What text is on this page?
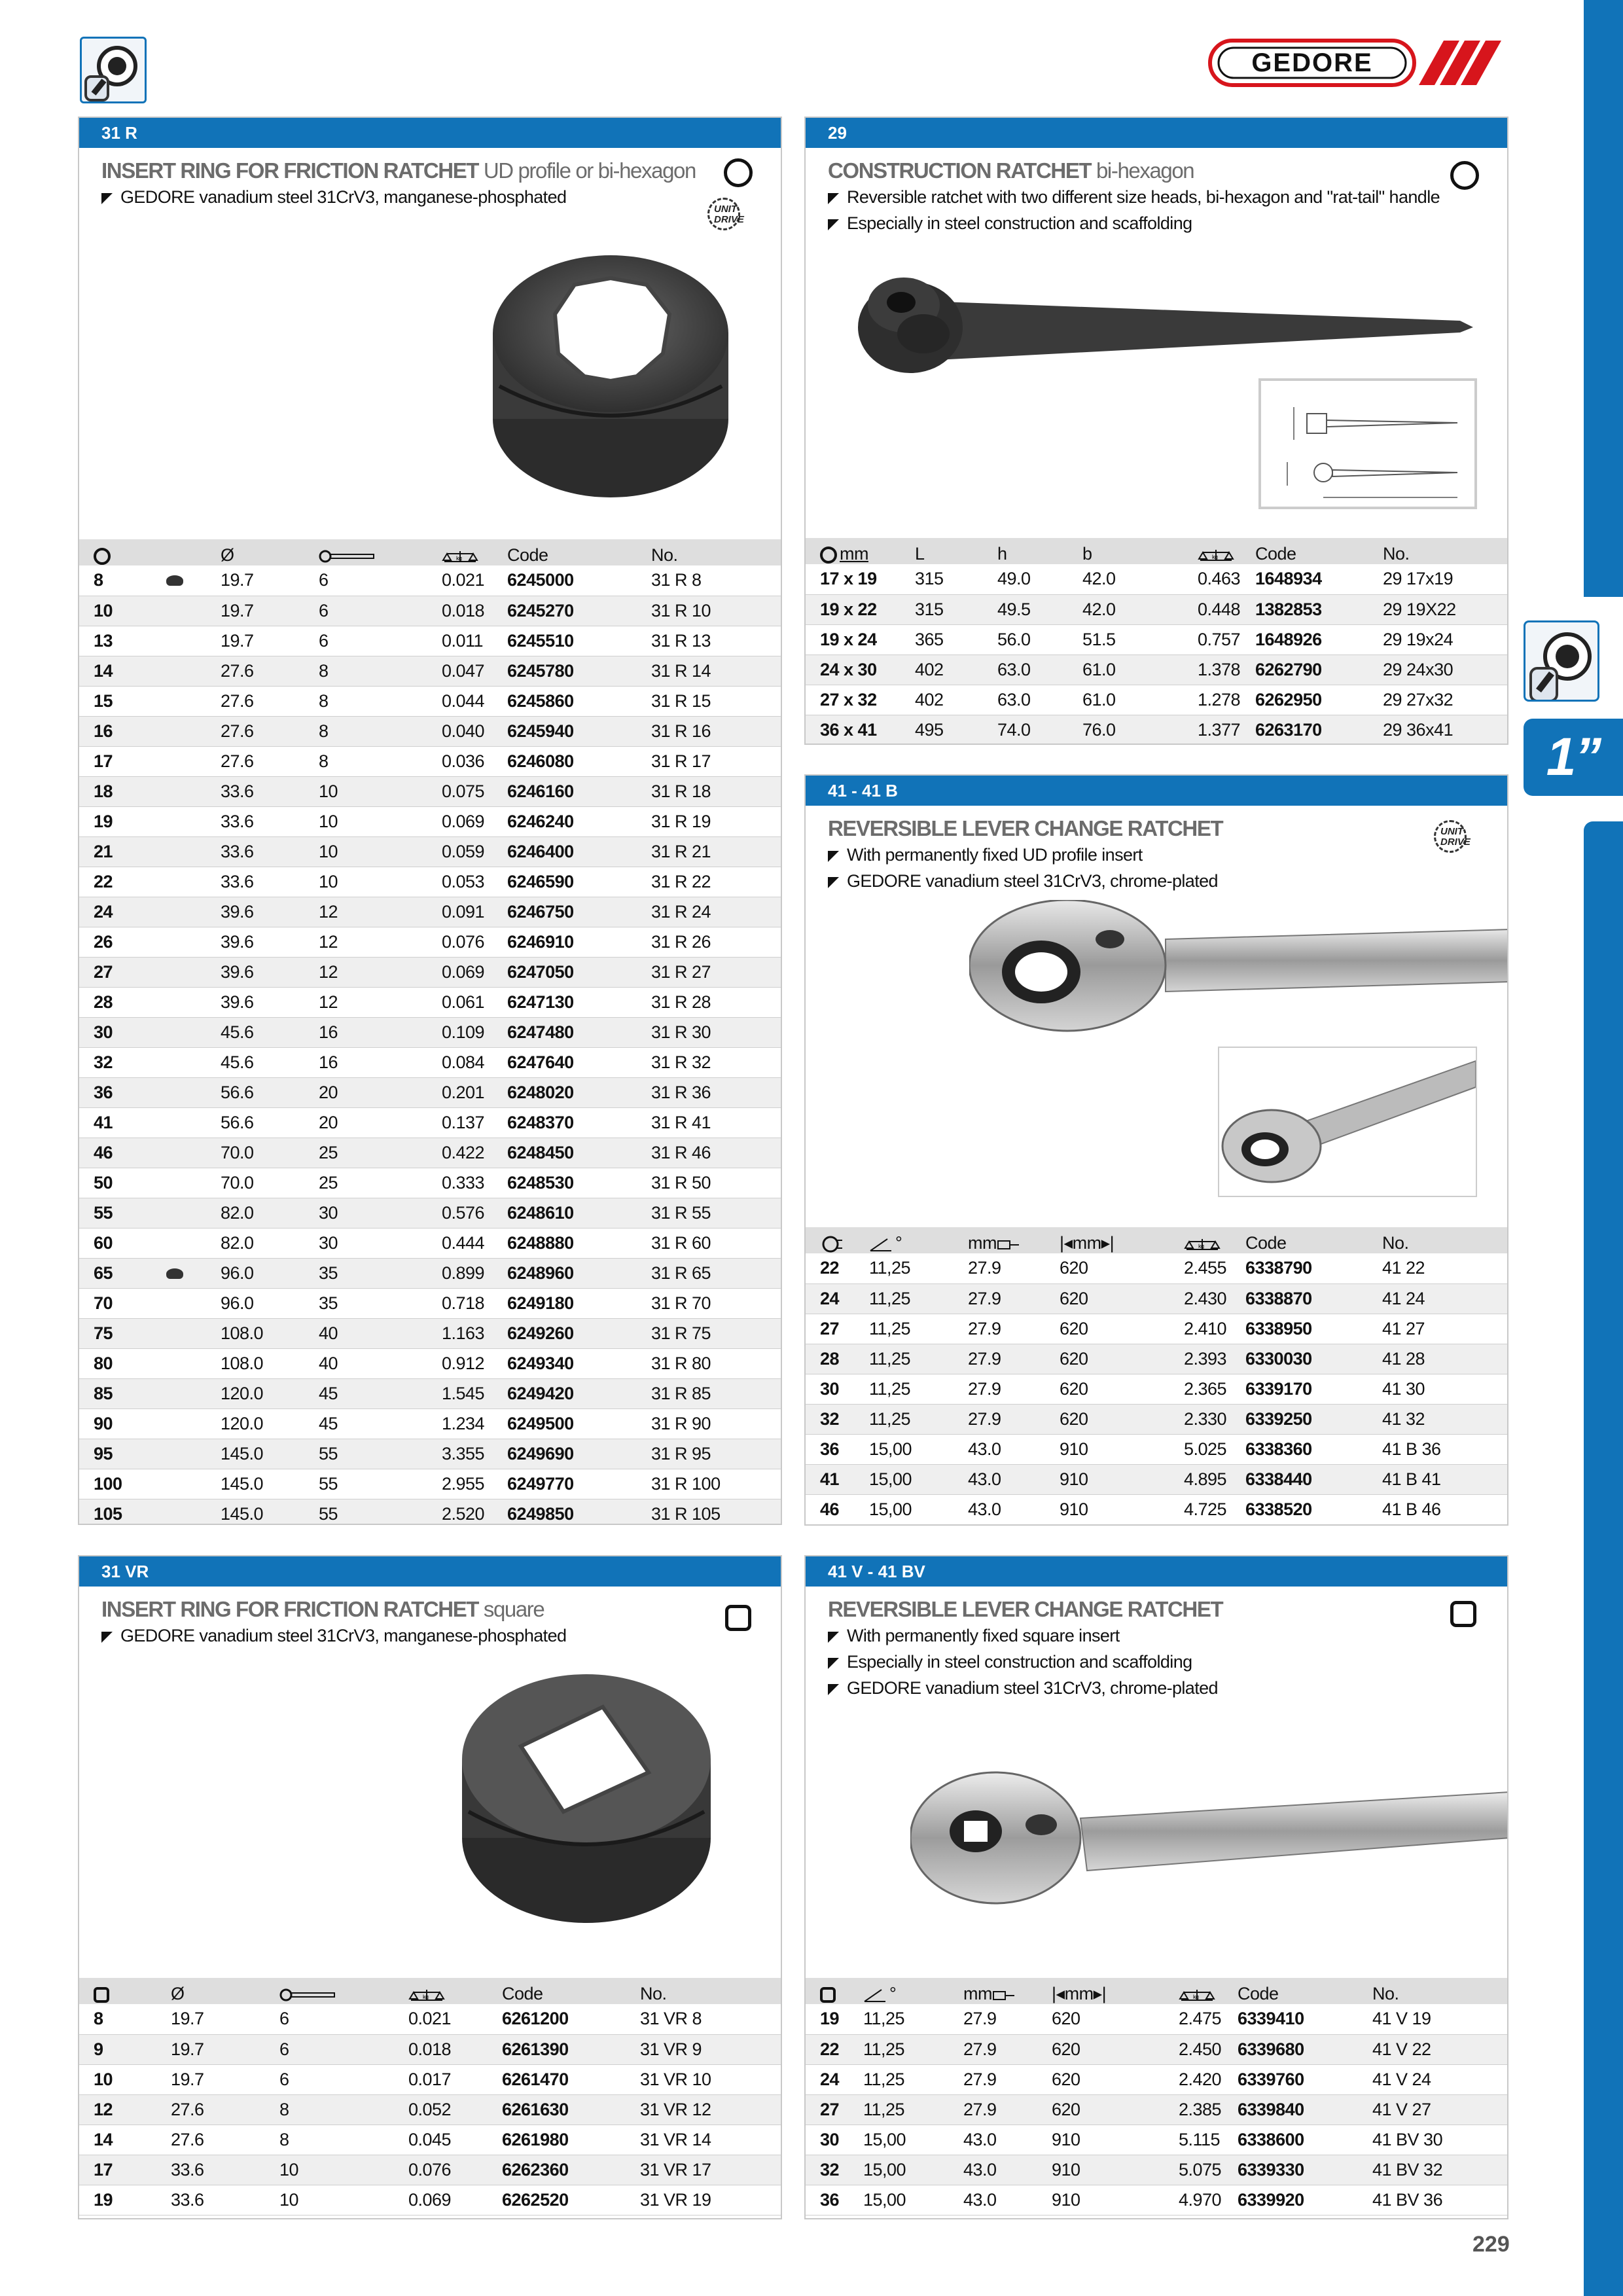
1”
GEDORE
31 R
INSERT RING FOR FRICTION RATCHET UD profile or bi-hexagon
GEDORE vanadium steel 31CrV3, manganese-phosphated
UNIT DRIVE
		Ø		kg	Code	No.
8		19.7	6	0.021	6245000	31 R 8
10		19.7	6	0.018	6245270	31 R 10
13		19.7	6	0.011	6245510	31 R 13
14		27.6	8	0.047	6245780	31 R 14
15		27.6	8	0.044	6245860	31 R 15
16		27.6	8	0.040	6245940	31 R 16
17		27.6	8	0.036	6246080	31 R 17
18		33.6	10	0.075	6246160	31 R 18
19		33.6	10	0.069	6246240	31 R 19
21		33.6	10	0.059	6246400	31 R 21
22		33.6	10	0.053	6246590	31 R 22
24		39.6	12	0.091	6246750	31 R 24
26		39.6	12	0.076	6246910	31 R 26
27		39.6	12	0.069	6247050	31 R 27
28		39.6	12	0.061	6247130	31 R 28
30		45.6	16	0.109	6247480	31 R 30
32		45.6	16	0.084	6247640	31 R 32
36		56.6	20	0.201	6248020	31 R 36
41		56.6	20	0.137	6248370	31 R 41
46		70.0	25	0.422	6248450	31 R 46
50		70.0	25	0.333	6248530	31 R 50
55		82.0	30	0.576	6248610	31 R 55
60		82.0	30	0.444	6248880	31 R 60
65		96.0	35	0.899	6248960	31 R 65
70		96.0	35	0.718	6249180	31 R 70
75		108.0	40	1.163	6249260	31 R 75
80		108.0	40	0.912	6249340	31 R 80
85		120.0	45	1.545	6249420	31 R 85
90		120.0	45	1.234	6249500	31 R 90
95		145.0	55	3.355	6249690	31 R 95
100		145.0	55	2.955	6249770	31 R 100
105		145.0	55	2.520	6249850	31 R 105
29
CONSTRUCTION RATCHET bi-hexagon
Reversible ratchet with two different size heads, bi-hexagon and "rat-tail" handle
Especially in steel construction and scaffolding
mm	L	h	b	kg	Code	No.
17 x 19	315	49.0	42.0	0.463	1648934	29 17x19
19 x 22	315	49.5	42.0	0.448	1382853	29 19X22
19 x 24	365	56.0	51.5	0.757	1648926	29 19x24
24 x 30	402	63.0	61.0	1.378	6262790	29 24x30
27 x 32	402	63.0	61.0	1.278	6262950	29 27x32
36 x 41	495	74.0	76.0	1.377	6263170	29 36x41
41 - 41 B
REVERSIBLE LEVER CHANGE RATCHET
With permanently fixed UD profile insert
GEDORE vanadium steel 31CrV3, chrome-plated
UNIT DRIVE
	°	mm	|◂mm▸|	kg	Code	No.
22	11,25	27.9	620	2.455	6338790	41 22
24	11,25	27.9	620	2.430	6338870	41 24
27	11,25	27.9	620	2.410	6338950	41 27
28	11,25	27.9	620	2.393	6330030	41 28
30	11,25	27.9	620	2.365	6339170	41 30
32	11,25	27.9	620	2.330	6339250	41 32
36	15,00	43.0	910	5.025	6338360	41 B 36
41	15,00	43.0	910	4.895	6338440	41 B 41
46	15,00	43.0	910	4.725	6338520	41 B 46
31 VR
INSERT RING FOR FRICTION RATCHET square
GEDORE vanadium steel 31CrV3, manganese-phosphated
	Ø		kg	Code	No.
8	19.7	6	0.021	6261200	31 VR 8
9	19.7	6	0.018	6261390	31 VR 9
10	19.7	6	0.017	6261470	31 VR 10
12	27.6	8	0.052	6261630	31 VR 12
14	27.6	8	0.045	6261980	31 VR 14
17	33.6	10	0.076	6262360	31 VR 17
19	33.6	10	0.069	6262520	31 VR 19
41 V - 41 BV
REVERSIBLE LEVER CHANGE RATCHET
With permanently fixed square insert
Especially in steel construction and scaffolding
GEDORE vanadium steel 31CrV3, chrome-plated
	°	mm	|◂mm▸|	kg	Code	No.
19	11,25	27.9	620	2.475	6339410	41 V 19
22	11,25	27.9	620	2.450	6339680	41 V 22
24	11,25	27.9	620	2.420	6339760	41 V 24
27	11,25	27.9	620	2.385	6339840	41 V 27
30	15,00	43.0	910	5.115	6338600	41 BV 30
32	15,00	43.0	910	5.075	6339330	41 BV 32
36	15,00	43.0	910	4.970	6339920	41 BV 36
229
